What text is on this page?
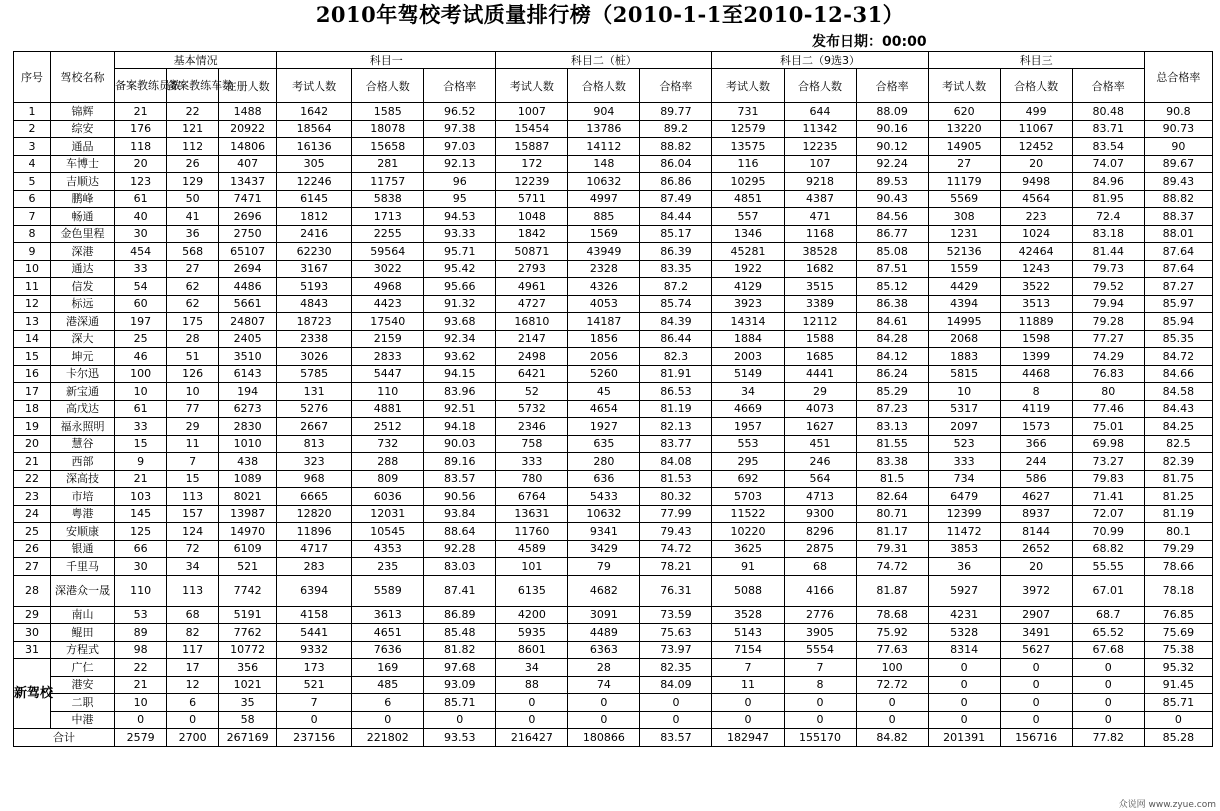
2010年驾校考试质量排行榜（2010-1-1至2010-12-31）
发布日期：00:00
序号	驾校名称	基本情况			科目一			科目二（桩）			科目二（9选3）			科目三			总合格率
		备案教练员数	备案教练车数	在册人数	考试人数	合格人数	合格率	考试人数	合格人数	合格率	考试人数	合格人数	合格率	考试人数	合格人数	合格率	
1	锦辉	21	22	1488	1642	1585	96.52	1007	904	89.77	731	644	88.09	620	499	80.48	90.8
2	综安	176	121	20922	18564	18078	97.38	15454	13786	89.2	12579	11342	90.16	13220	11067	83.71	90.73
3	通品	118	112	14806	16136	15658	97.03	15887	14112	88.82	13575	12235	90.12	14905	12452	83.54	90
4	车博士	20	26	407	305	281	92.13	172	148	86.04	116	107	92.24	27	20	74.07	89.67
5	吉顺达	123	129	13437	12246	11757	96	12239	10632	86.86	10295	9218	89.53	11179	9498	84.96	89.43
6	鹏峰	61	50	7471	6145	5838	95	5711	4997	87.49	4851	4387	90.43	5569	4564	81.95	88.82
7	畅通	40	41	2696	1812	1713	94.53	1048	885	84.44	557	471	84.56	308	223	72.4	88.37
8	金色里程	30	36	2750	2416	2255	93.33	1842	1569	85.17	1346	1168	86.77	1231	1024	83.18	88.01
9	深港	454	568	65107	62230	59564	95.71	50871	43949	86.39	45281	38528	85.08	52136	42464	81.44	87.64
10	通达	33	27	2694	3167	3022	95.42	2793	2328	83.35	1922	1682	87.51	1559	1243	79.73	87.64
11	信发	54	62	4486	5193	4968	95.66	4961	4326	87.2	4129	3515	85.12	4429	3522	79.52	87.27
12	标远	60	62	5661	4843	4423	91.32	4727	4053	85.74	3923	3389	86.38	4394	3513	79.94	85.97
13	港深通	197	175	24807	18723	17540	93.68	16810	14187	84.39	14314	12112	84.61	14995	11889	79.28	85.94
14	深大	25	28	2405	2338	2159	92.34	2147	1856	86.44	1884	1588	84.28	2068	1598	77.27	85.35
15	坤元	46	51	3510	3026	2833	93.62	2498	2056	82.3	2003	1685	84.12	1883	1399	74.29	84.72
16	卡尔迅	100	126	6143	5785	5447	94.15	6421	5260	81.91	5149	4441	86.24	5815	4468	76.83	84.66
17	新宝通	10	10	194	131	110	83.96	52	45	86.53	34	29	85.29	10	8	80	84.58
18	高戊达	61	77	6273	5276	4881	92.51	5732	4654	81.19	4669	4073	87.23	5317	4119	77.46	84.43
19	福永照明	33	29	2830	2667	2512	94.18	2346	1927	82.13	1957	1627	83.13	2097	1573	75.01	84.25
20	慧谷	15	11	1010	813	732	90.03	758	635	83.77	553	451	81.55	523	366	69.98	82.5
21	西部	9	7	438	323	288	89.16	333	280	84.08	295	246	83.38	333	244	73.27	82.39
22	深高技	21	15	1089	968	809	83.57	780	636	81.53	692	564	81.5	734	586	79.83	81.75
23	市培	103	113	8021	6665	6036	90.56	6764	5433	80.32	5703	4713	82.64	6479	4627	71.41	81.25
24	粤港	145	157	13987	12820	12031	93.84	13631	10632	77.99	11522	9300	80.71	12399	8937	72.07	81.19
25	安顺康	125	124	14970	11896	10545	88.64	11760	9341	79.43	10220	8296	81.17	11472	8144	70.99	80.1
26	银通	66	72	6109	4717	4353	92.28	4589	3429	74.72	3625	2875	79.31	3853	2652	68.82	79.29
27	千里马	30	34	521	283	235	83.03	101	79	78.21	91	68	74.72	36	20	55.55	78.66
28	深港众一晟	110	113	7742	6394	5589	87.41	6135	4682	76.31	5088	4166	81.87	5927	3972	67.01	78.18
29	南山	53	68	5191	4158	3613	86.89	4200	3091	73.59	3528	2776	78.68	4231	2907	68.7	76.85
30	鲲田	89	82	7762	5441	4651	85.48	5935	4489	75.63	5143	3905	75.92	5328	3491	65.52	75.69
31	方程式	98	117	10772	9332	7636	81.82	8601	6363	73.97	7154	5554	77.63	8314	5627	67.68	75.38
新驾校	广仁	22	17	356	173	169	97.68	34	28	82.35	7	7	100	0	0	0	95.32
	港安	21	12	1021	521	485	93.09	88	74	84.09	11	8	72.72	0	0	0	91.45
	二职	10	6	35	7	6	85.71	0	0	0	0	0	0	0	0	0	85.71
	中港	0	0	58	0	0	0	0	0	0	0	0	0	0	0	0	0
合计		2579	2700	267169	237156	221802	93.53	216427	180866	83.57	182947	155170	84.82	201391	156716	77.82	85.28
众说网 www.zyue.com
